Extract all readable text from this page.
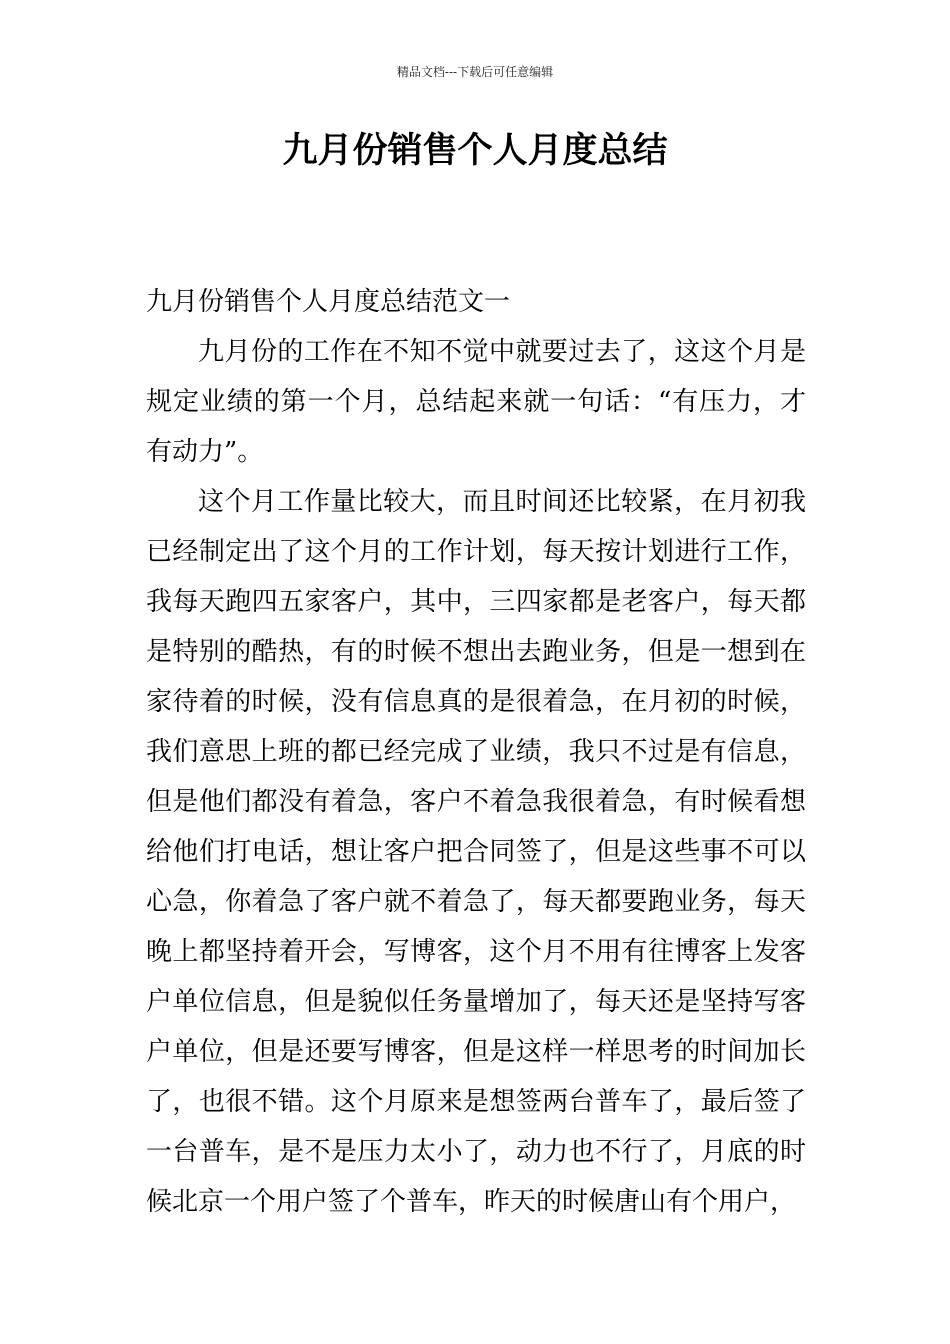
精品文档---下载后可任意编辑
九月份销售个人月度总结

九月份销售个人月度总结范文一

九月份的工作在不知不觉中就要过去了，这这个月是规定业绩的第一个月，总结起来就一句话：“有压力，才有动力”。

这个月工作量比较大，而且时间还比较紧，在月初我已经制定出了这个月的工作计划，每天按计划进行工作，我每天跑四五家客户，其中，三四家都是老客户，每天都是特别的酷热，有的时候不想出去跑业务，但是一想到在家待着的时候，没有信息真的是很着急，在月初的时候，我们意思上班的都已经完成了业绩，我只不过是有信息，但是他们都没有着急，客户不着急我很着急，有时候看想给他们打电话，想让客户把合同签了，但是这些事不可以心急，你着急了客户就不着急了，每天都要跑业务，每天晚上都坚持着开会，写博客，这个月不用有往博客上发客户单位信息，但是貌似任务量增加了，每天还是坚持写客户单位，但是还要写博客，但是这样一样思考的时间加长了，也很不错。这个月原来是想签两台普车了，最后签了一台普车，是不是压力太小了，动力也不行了，月底的时候北京一个用户签了个普车，昨天的时候唐山有个用户，
